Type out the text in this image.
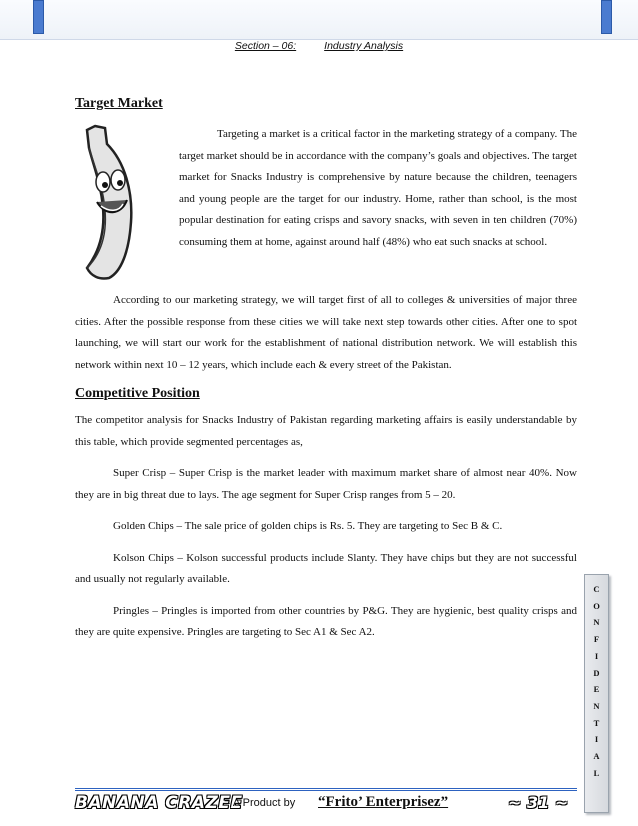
Section – 06:	Industry Analysis
Target Market

Targeting a market is a critical factor in the marketing strategy of a company. The target market should be in accordance with the company’s goals and objectives. The target market for Snacks Industry is comprehensive by nature because the children, teenagers and young people are the target for our industry. Home, rather than school, is the most popular destination for eating crisps and savory snacks, with seven in ten children (70%) consuming them at home, against around half (48%) who eat such snacks at school.

According to our marketing strategy, we will target first of all to colleges & universities of major three cities. After the possible response from these cities we will take next step towards other cities. After one to spot launching, we will start our work for the establishment of national distribution network. We will establish this network within next 10 – 12 years, which include each & every street of the Pakistan.

Competitive Position

The competitor analysis for Snacks Industry of Pakistan regarding marketing affairs is easily understandable by this table, which provide segmented percentages as,

Super Crisp – Super Crisp is the market leader with maximum market share of almost near 40%. Now they are in big threat due to lays. The age segment for Super Crisp ranges from 5 – 20.

Golden Chips – The sale price of golden chips is Rs. 5. They are targeting to Sec B & C.

Kolson Chips – Kolson successful products include Slanty. They have chips but they are not successful and usually not regularly available.

Pringles – Pringles is imported from other countries by P&G. They are hygienic, best quality crisps and they are quite expensive. Pringles are targeting to Sec A1 & Sec A2.

C
O
N
F
I
D
E
N
T
I
A
L
BANANA CRAZEE
= A Product by “Frito’ Enterprisez”	~ 31 ~
